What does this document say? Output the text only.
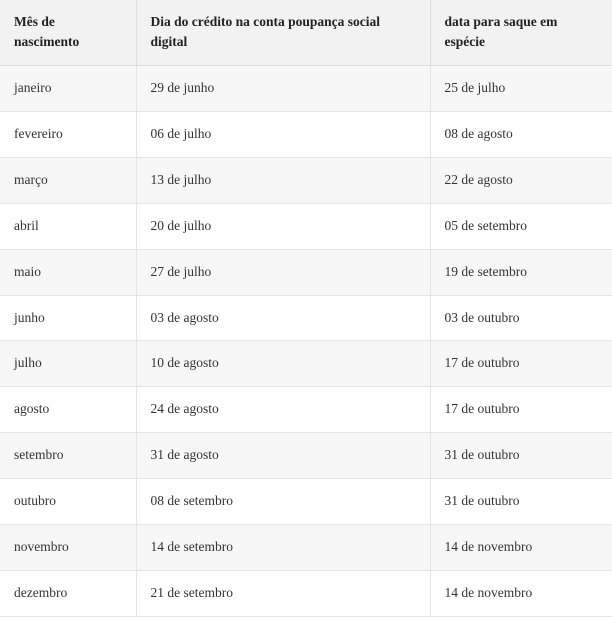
Mês de nascimento	Dia do crédito na conta poupança social digital	data para saque em espécie
janeiro	29 de junho	25 de julho
fevereiro	06 de julho	08 de agosto
março	13 de julho	22 de agosto
abril	20 de julho	05 de setembro
maio	27 de julho	19 de setembro
junho	03 de agosto	03 de outubro
julho	10 de agosto	17 de outubro
agosto	24 de agosto	17 de outubro
setembro	31 de agosto	31 de outubro
outubro	08 de setembro	31 de outubro
novembro	14 de setembro	14 de novembro
dezembro	21 de setembro	14 de novembro
